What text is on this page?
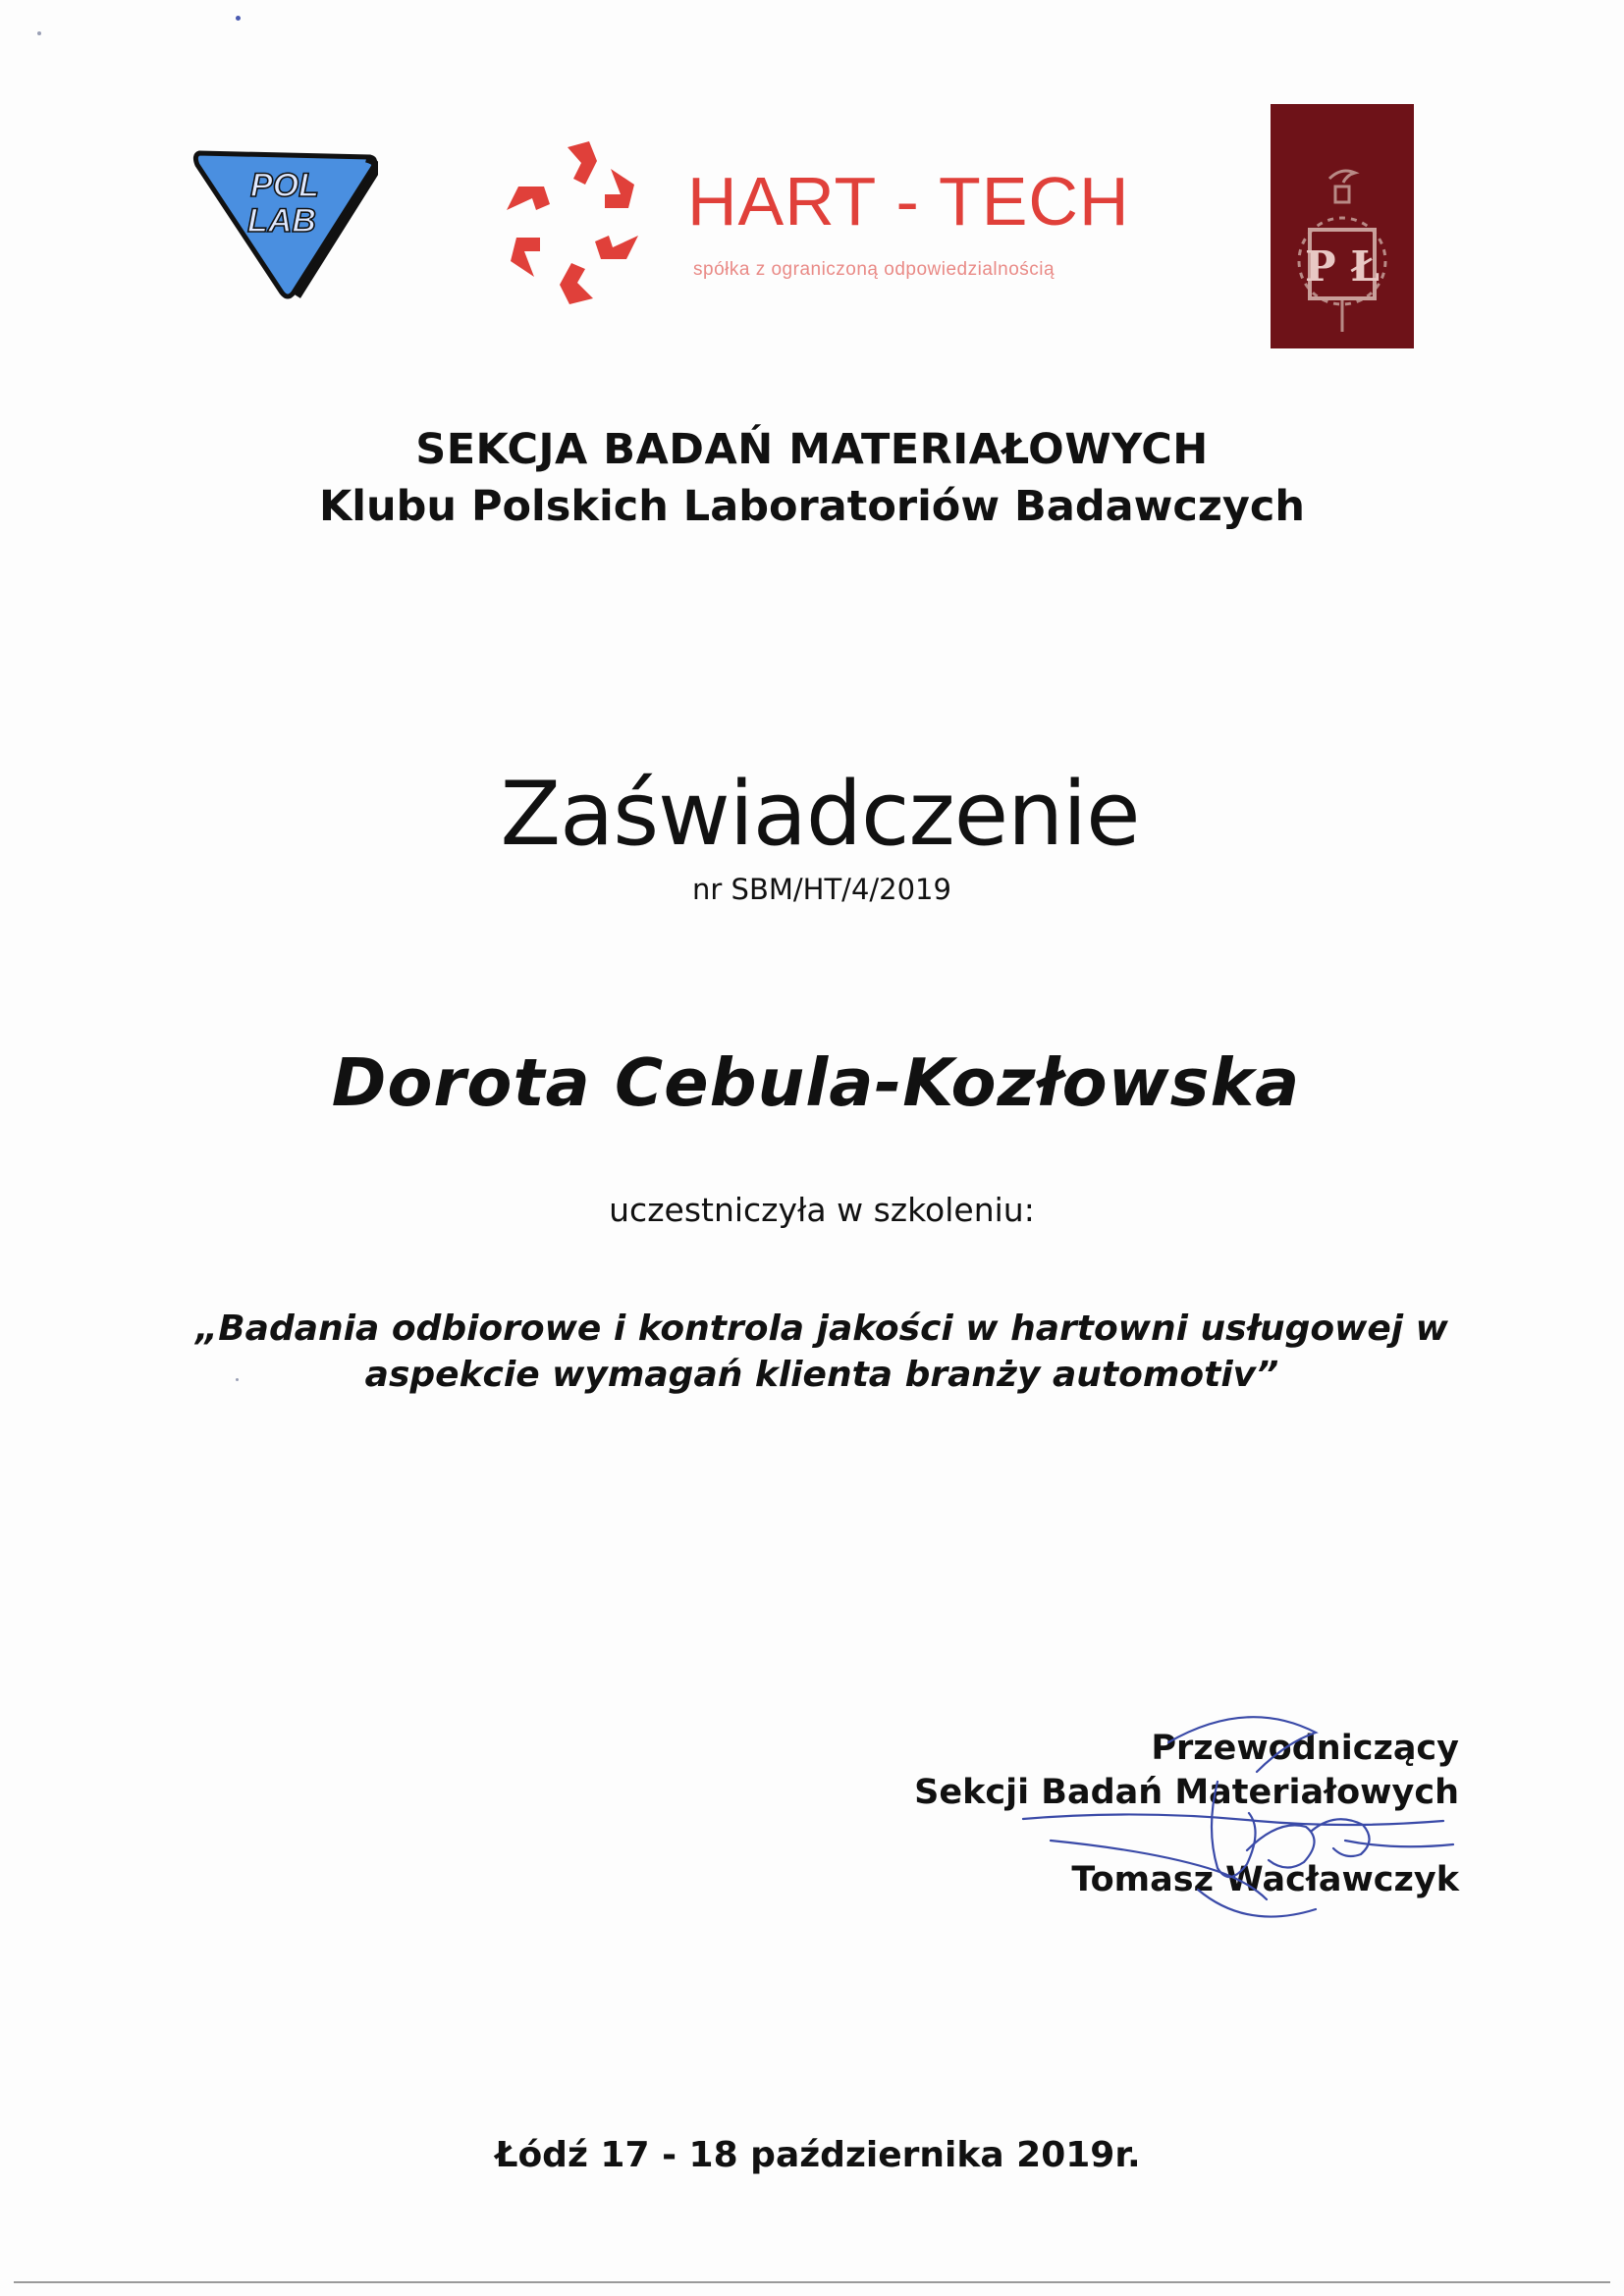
POL
LAB	HART - TECH
spółka z ograniczoną odpowiedzialnością	P Ł
SEKCJA BADAŃ MATERIAŁOWYCH
Klubu Polskich Laboratoriów Badawczych
Zaświadczenie
nr SBM/HT/4/2019
Dorota Cebula-Kozłowska
uczestniczyła w szkoleniu:
„Badania odbiorowe i kontrola jakości w hartowni usługowej w
aspekcie wymagań klienta branży automotiv”
Przewodniczący
Sekcji Badań Materiałowych
Tomasz Wacławczyk
Łódź 17 - 18 października 2019r.
